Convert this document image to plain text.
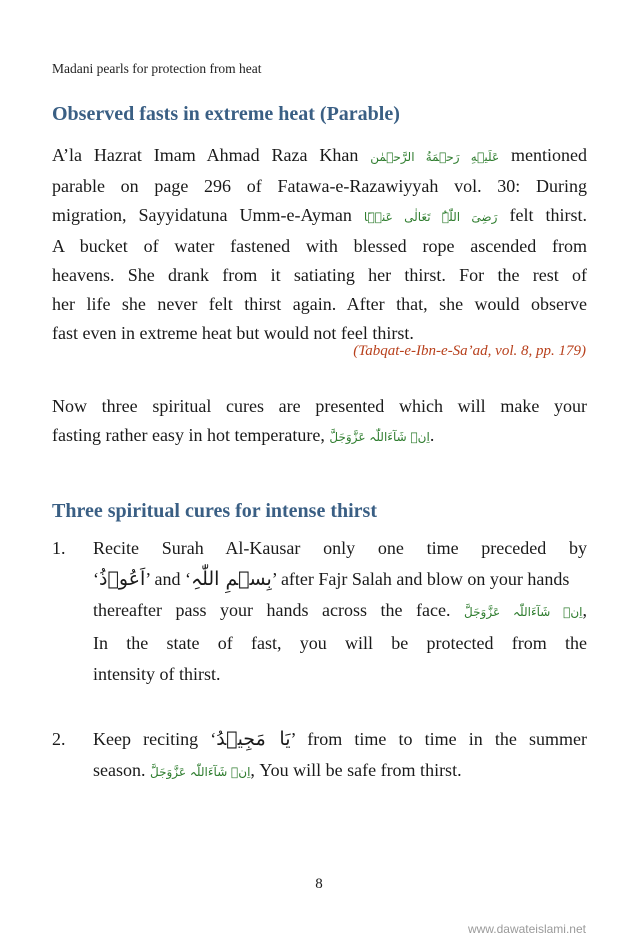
Madani pearls for protection from heat
Observed fasts in extreme heat (Parable)
A’la Hazrat Imam Ahmad Raza Khan عَلَيۡهِ رَحۡمَةُ الرَّحۡمٰن mentioned
parable on page 296 of Fatawa-e-Razawiyyah vol. 30: During
migration, Sayyidatuna Umm-e-Ayman رَضِیَ اللّٰہُ تَعَالٰی عَنۡہَا felt thirst.
A bucket of water fastened with blessed rope ascended from
heavens. She drank from it satiating her thirst. For the rest of
her life she never felt thirst again. After that, she would observe
fast even in extreme heat but would not feel thirst.
(Tabqat-e-Ibn-e-Sa’ad, vol. 8, pp. 179)
Now three spiritual cures are presented which will make your
fasting rather easy in hot temperature, اِنۡ شَآءَاللّٰہ عَزَّوَجَلَّ.
Three spiritual cures for intense thirst
1. Recite Surah Al-Kausar only one time preceded by
‘اَعُوۡذُ’ and ‘بِسۡمِ اللّٰہِ’ after Fajr Salah and blow on your hands
thereafter pass your hands across the face. اِنۡ شَآءَاللّٰہ عَزَّوَجَلَّ,
In the state of fast, you will be protected from the
intensity of thirst.
2. Keep reciting ‘یَا مَجِیۡدُ’ from time to time in the summer
season. اِنۡ شَآءَاللّٰہ عَزَّوَجَلَّ, You will be safe from thirst.
8
www.dawateislami.net
